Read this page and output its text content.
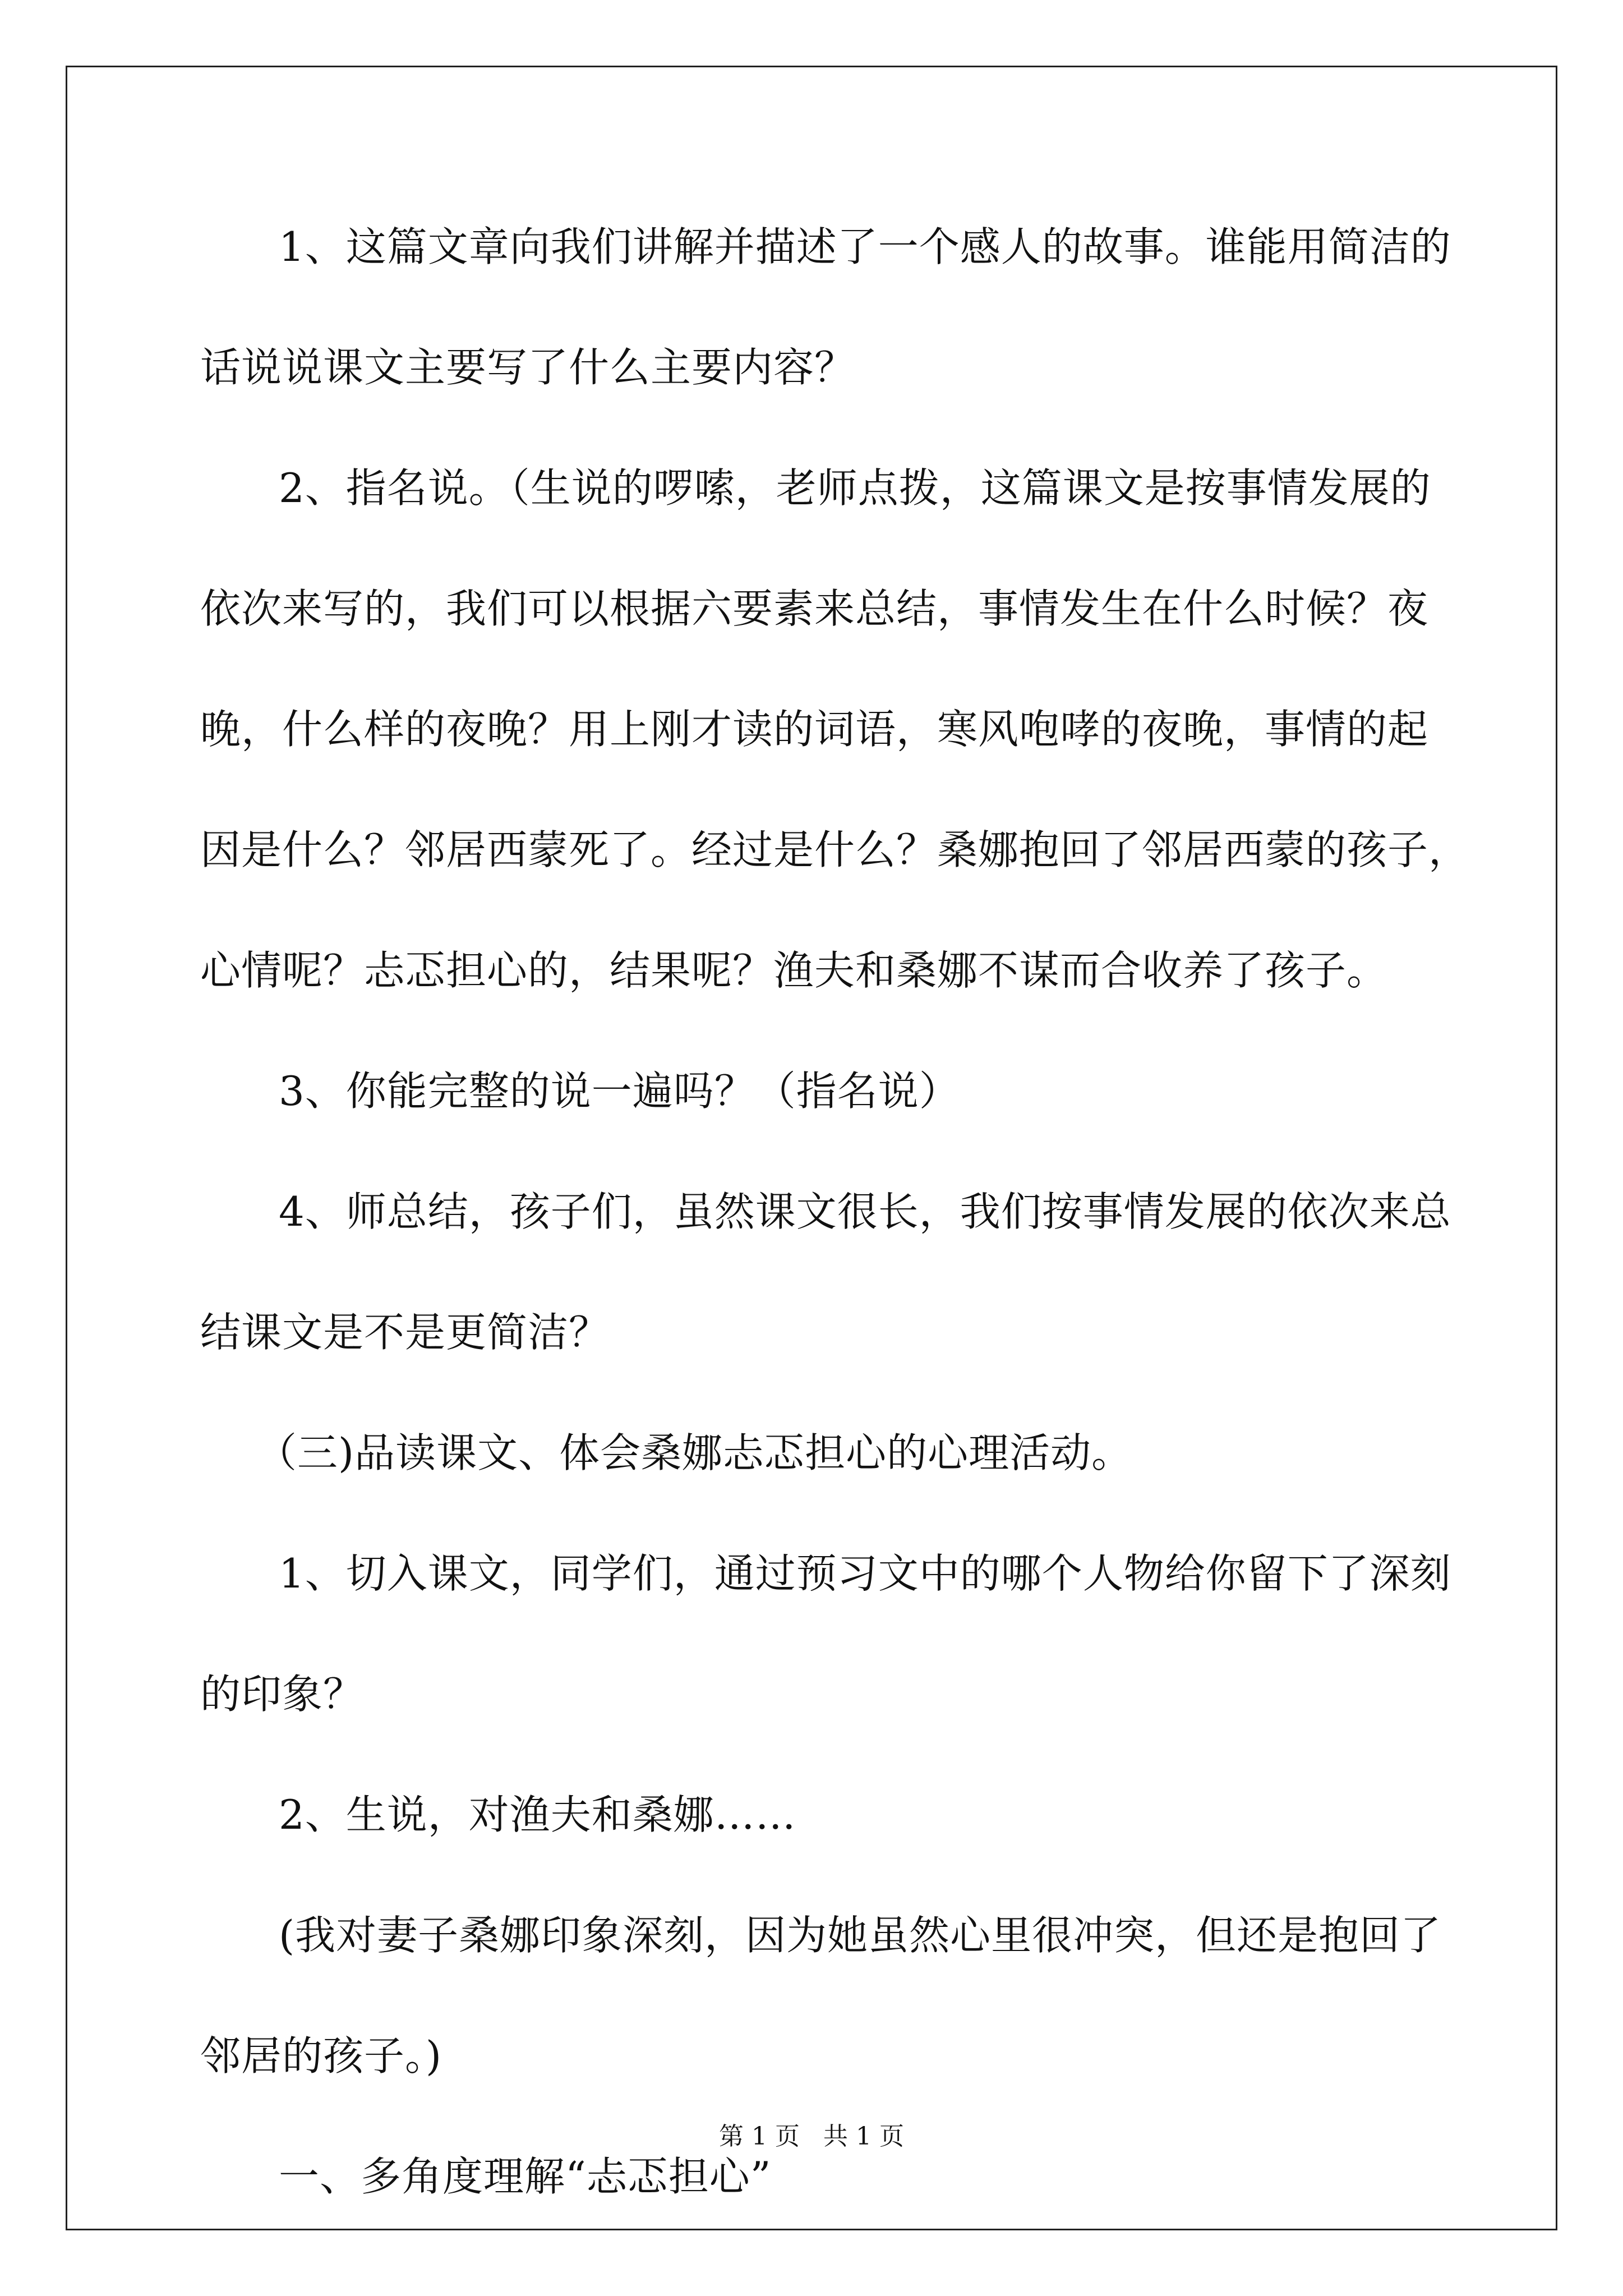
1、这篇文章向我们讲解并描述了一个感人的故事。谁能用简洁的
话说说课文主要写了什么主要内容？
2、指名说。（生说的啰嗦，老师点拨，这篇课文是按事情发展的
依次来写的，我们可以根据六要素来总结，事情发生在什么时候？夜
晚，什么样的夜晚？用上刚才读的词语，寒风咆哮的夜晚，事情的起
因是什么？邻居西蒙死了。经过是什么？桑娜抱回了邻居西蒙的孩子，
心情呢？忐忑担心的，结果呢？渔夫和桑娜不谋而合收养了孩子。
3、你能完整的说一遍吗？（指名说）
4、师总结，孩子们，虽然课文很长，我们按事情发展的依次来总
结课文是不是更简洁？
（三)品读课文、体会桑娜忐忑担心的心理活动。
1、切入课文，同学们，通过预习文中的哪个人物给你留下了深刻
的印象？
2、生说，对渔夫和桑娜……
(我对妻子桑娜印象深刻，因为她虽然心里很冲突，但还是抱回了
邻居的孩子。)
一、多角度理解“忐忑担心”
第 1 页   共 1 页
